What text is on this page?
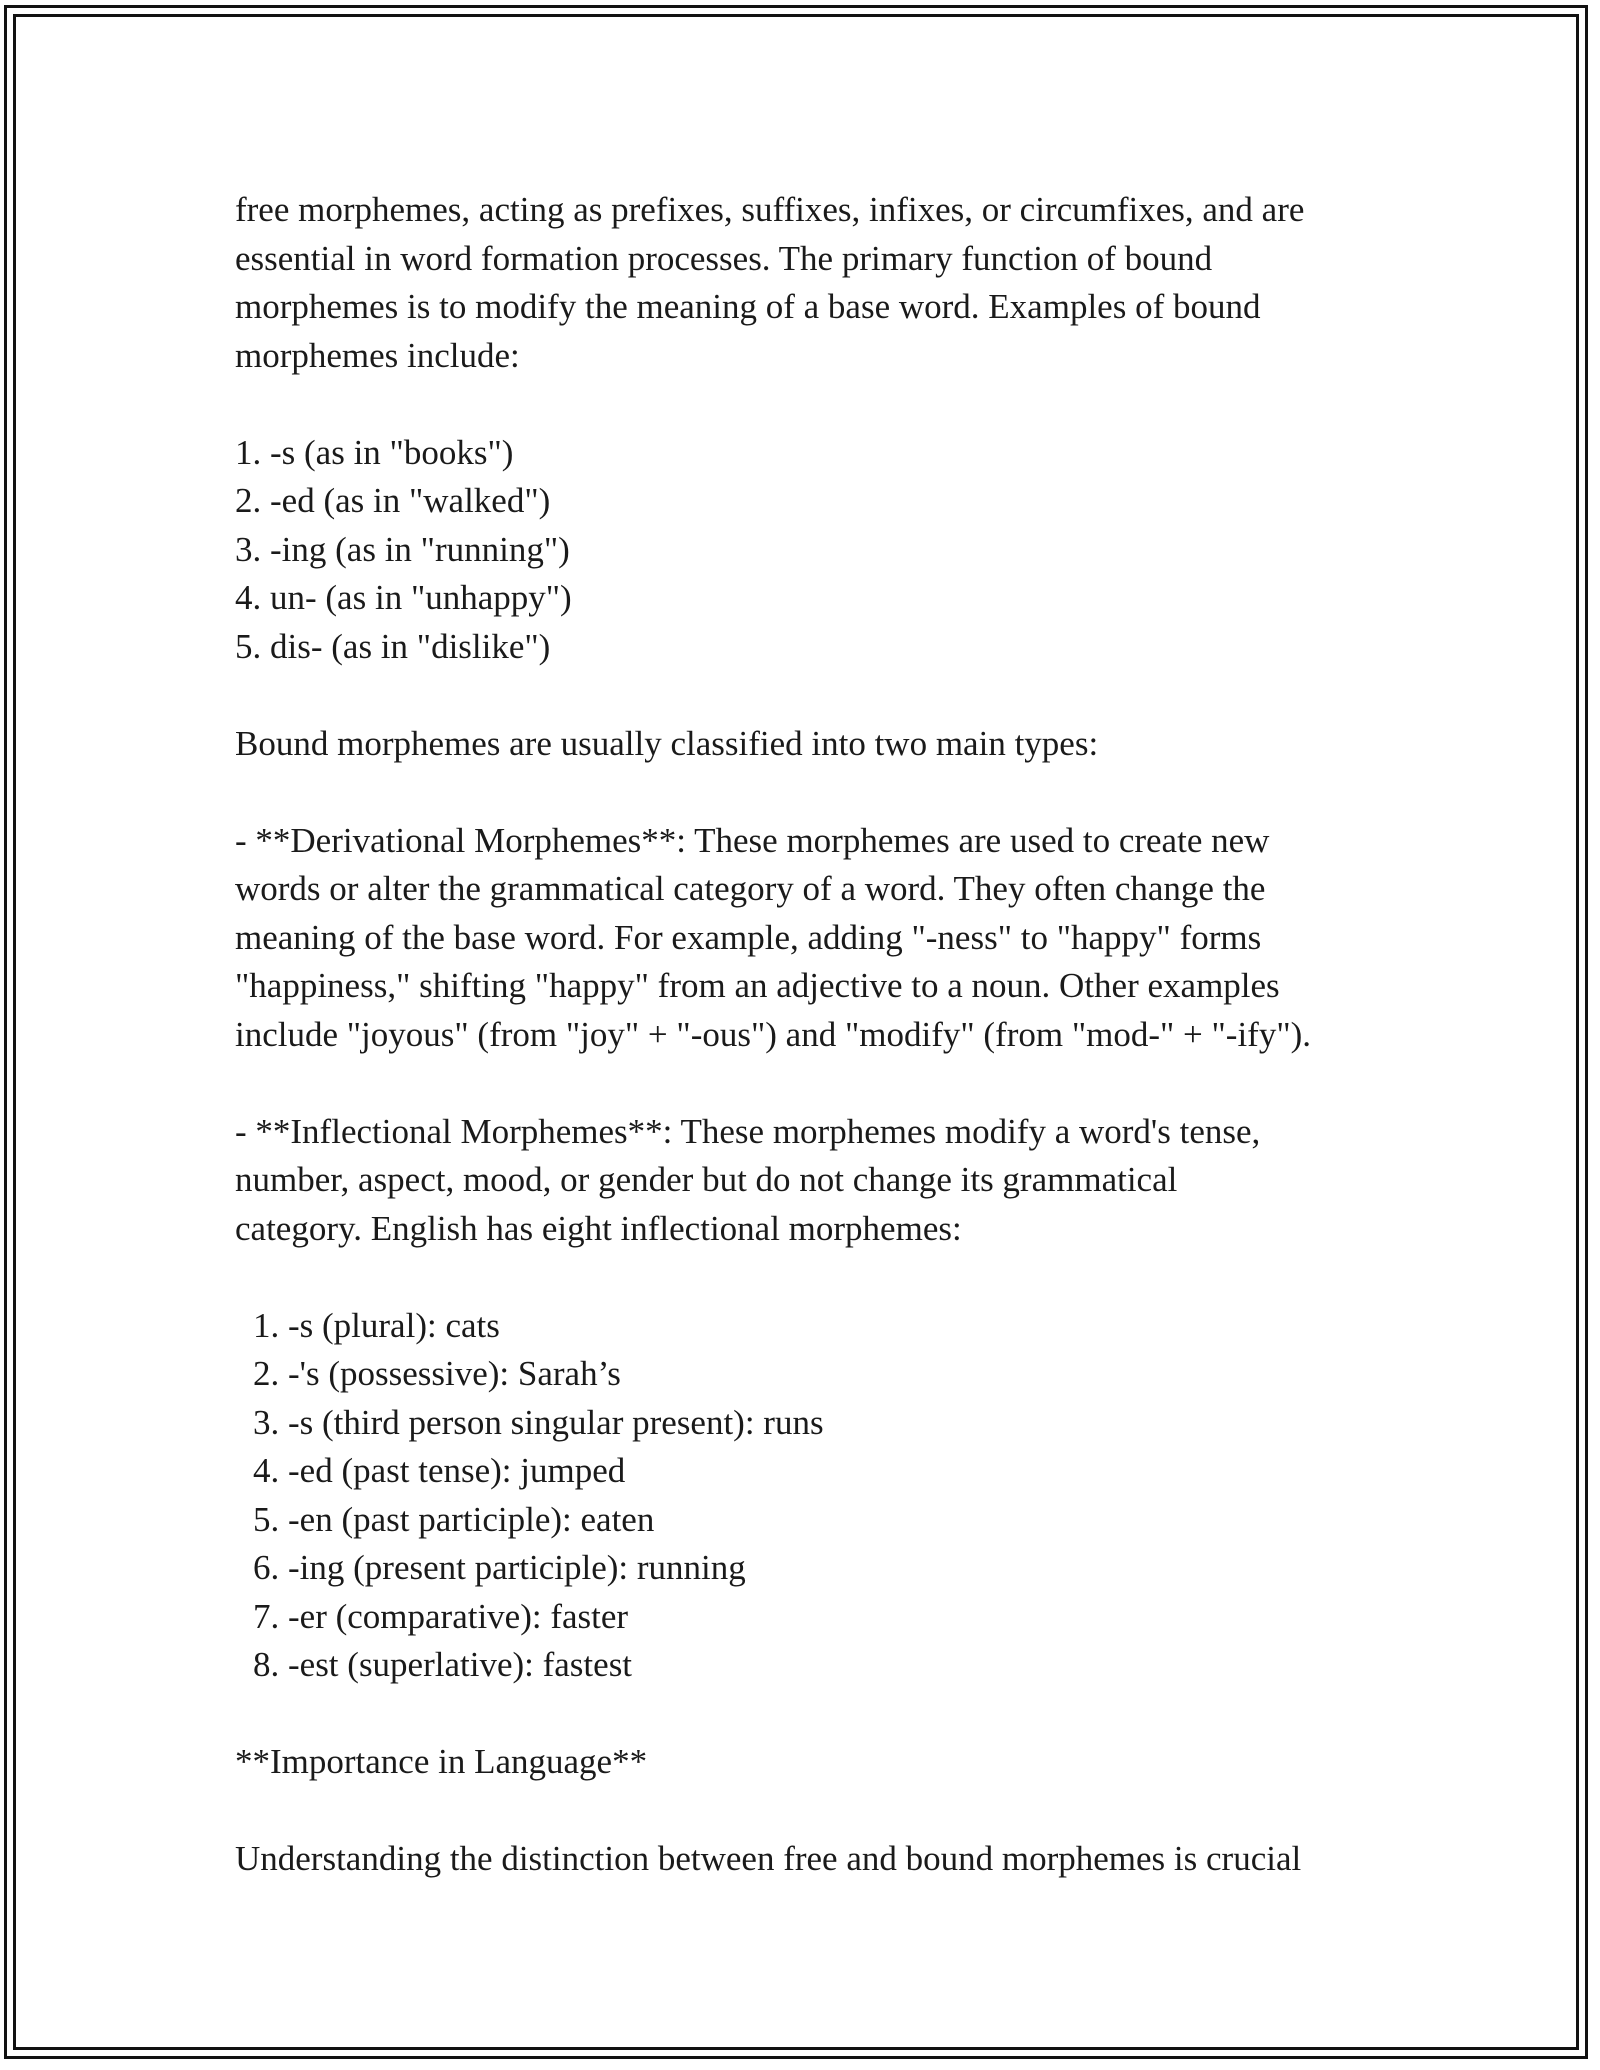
free morphemes, acting as prefixes, suffixes, infixes, or circumfixes, and are
essential in word formation processes. The primary function of bound
morphemes is to modify the meaning of a base word. Examples of bound
morphemes include:
1. -s (as in "books")
2. -ed (as in "walked")
3. -ing (as in "running")
4. un- (as in "unhappy")
5. dis- (as in "dislike")
Bound morphemes are usually classified into two main types:
- **Derivational Morphemes**: These morphemes are used to create new
words or alter the grammatical category of a word. They often change the
meaning of the base word. For example, adding "-ness" to "happy" forms
"happiness," shifting "happy" from an adjective to a noun. Other examples
include "joyous" (from "joy" + "-ous") and "modify" (from "mod-" + "-ify").
- **Inflectional Morphemes**: These morphemes modify a word's tense,
number, aspect, mood, or gender but do not change its grammatical
category. English has eight inflectional morphemes:
1. -s (plural): cats
2. -'s (possessive): Sarah’s
3. -s (third person singular present): runs
4. -ed (past tense): jumped
5. -en (past participle): eaten
6. -ing (present participle): running
7. -er (comparative): faster
8. -est (superlative): fastest
**Importance in Language**
Understanding the distinction between free and bound morphemes is crucial
